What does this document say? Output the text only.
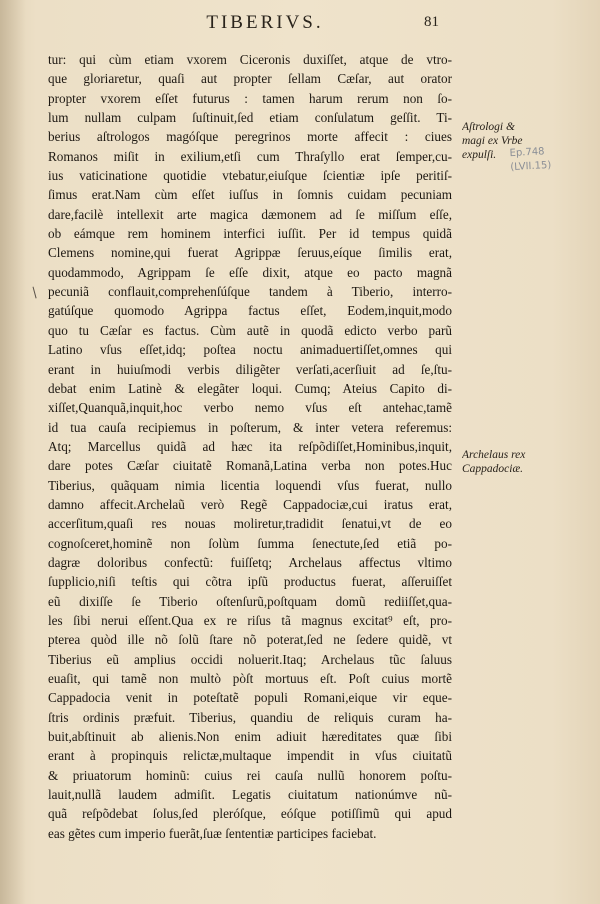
TIBERIVS.	81
tur: qui cùm etiam vxorem Ciceronis duxiſſet, atque de vtro-
que gloriaretur, quaſi aut propter ſellam Cæſar, aut orator
propter vxorem eſſet futurus : tamen harum rerum non ſo-
lum nullam culpam ſuſtinuit,ſed etiam conſulatum geſſit. Ti-
berius aſtrologos magóſque peregrinos morte affecit : ciues
Romanos miſit in exilium,etſi cum Thraſyllo erat ſemper,cu-
ius vaticinatione quotidie vtebatur,eiuſque ſcientiæ ipſe peritiſ-
ſimus erat.Nam cùm eſſet iuſſus in ſomnis cuidam pecuniam
dare,facilè intellexit arte magica dæmonem ad ſe miſſum eſſe,
ob eámque rem hominem interfici iuſſit. Per id tempus quidã
Clemens nomine,qui fuerat Agrippæ ſeruus,eíque ſimilis erat,
quodammodo, Agrippam ſe eſſe dixit, atque eo pacto magnã
pecuniã conflauit,comprehenſúſque tandem à Tiberio, interro-
gatúſque quomodo Agrippa factus eſſet, Eodem,inquit,modo
quo tu Cæſar es factus. Cùm autẽ in quodã edicto verbo parũ
Latino vſus eſſet,idq; poſtea noctu animaduertiſſet,omnes qui
erant in huiuſmodi verbis diligẽter verſati,acerſiuit ad ſe,ſtu-
debat enim Latinè & elegãter loqui. Cumq; Ateius Capito di-
xiſſet,Quanquã,inquit,hoc verbo nemo vſus eſt antehac,tamẽ
id tua cauſa recipiemus in poſterum, & inter vetera referemus:
Atq; Marcellus quidã ad hæc ita reſpõdiſſet,Hominibus,inquit,
dare potes Cæſar ciuitatẽ Romanã,Latina verba non potes.Huc
Tiberius, quãquam nimia licentia loquendi vſus fuerat, nullo
damno affecit.Archelaũ verò Regẽ Cappadociæ,cui iratus erat,
accerſitum,quaſi res nouas moliretur,tradidit ſenatui,vt de eo
cognoſceret,hominẽ non ſolùm ſumma ſenectute,ſed etiã po-
dagræ doloribus confectũ: fuiſſetq; Archelaus affectus vltimo
ſupplicio,niſi teſtis qui cõtra ipſũ productus fuerat, aſſeruiſſet
eũ dixiſſe ſe Tiberio oſtenſurũ,poſtquam domũ rediiſſet,qua-
les ſibi nerui eſſent.Qua ex re riſus tã magnus excitat⁹ eſt, pro-
pterea quòd ille nõ ſolũ ſtare nõ poterat,ſed ne ſedere quidẽ, vt
Tiberius eũ amplius occidi noluerit.Itaq; Archelaus tũc ſaluus
euaſit, qui tamẽ non multò pòſt mortuus eſt. Poſt cuius mortẽ
Cappadocia venit in poteſtatẽ populi Romani,eique vir eque-
ſtris ordinis præfuit. Tiberius, quandiu de reliquis curam ha-
buit,abſtinuit ab alienis.Non enim adiuit hæreditates quæ ſibi
erant à propinquis relictæ,multaque impendit in vſus ciuitatũ
& priuatorum hominũ: cuius rei cauſa nullũ honorem poſtu-
lauit,nullã laudem admiſit. Legatis ciuitatum nationúmve nũ-
quã reſpõdebat ſolus,ſed pleróſque, eóſque potiſſimũ qui apud
eas gẽtes cum imperio fuerãt,ſuæ ſententiæ participes faciebat.
Aſtrologi &
magi ex Vrbe
expulſi.	Ep.748
(LVII.15)
Archelaus rex
Cappadociæ.
